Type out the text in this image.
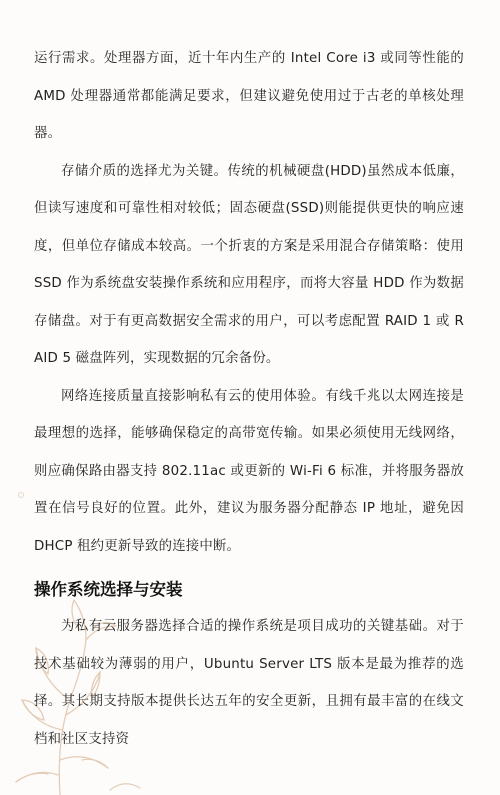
运行需求。处理器方面，近十年内生产的 Intel Core i3 或同等性能的 AMD 处理器通常都能满足要求，但建议避免使用过于古老的单核处理器。

存储介质的选择尤为关键。传统的机械硬盘(HDD)虽然成本低廉，但读写速度和可靠性相对较低；固态硬盘(SSD)则能提供更快的响应速度，但单位存储成本较高。一个折衷的方案是采用混合存储策略：使用 SSD 作为系统盘安装操作系统和应用程序，而将大容量 HDD 作为数据存储盘。对于有更高数据安全需求的用户，可以考虑配置 RAID 1 或 RAID 5 磁盘阵列，实现数据的冗余备份。

网络连接质量直接影响私有云的使用体验。有线千兆以太网连接是最理想的选择，能够确保稳定的高带宽传输。如果必须使用无线网络，则应确保路由器支持 802.11ac 或更新的 Wi-Fi 6 标准，并将服务器放置在信号良好的位置。此外，建议为服务器分配静态 IP 地址，避免因 DHCP 租约更新导致的连接中断。

操作系统选择与安装

为私有云服务器选择合适的操作系统是项目成功的关键基础。对于技术基础较为薄弱的用户，Ubuntu Server LTS 版本是最为推荐的选择。其长期支持版本提供长达五年的安全更新，且拥有最丰富的在线文档和社区支持资
